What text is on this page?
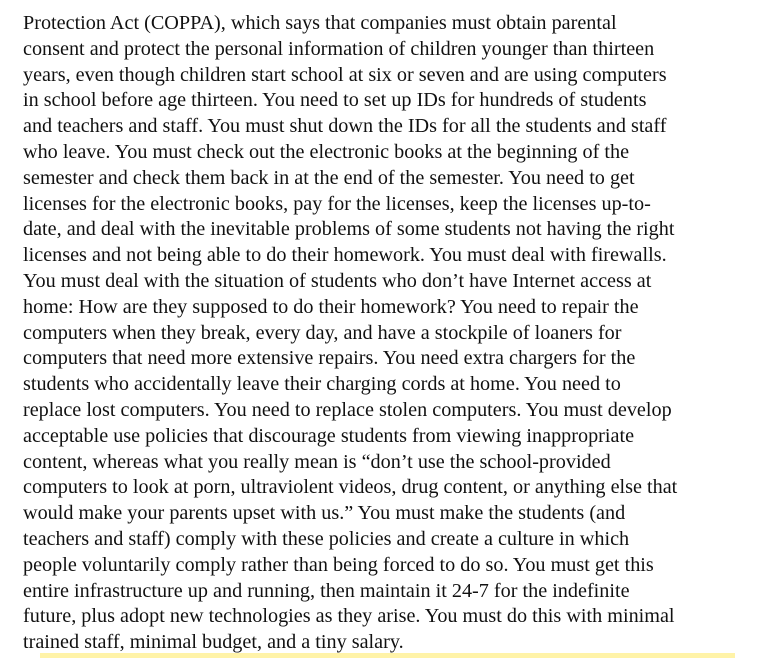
Protection Act (COPPA), which says that companies must obtain parental
consent and protect the personal information of children younger than thirteen
years, even though children start school at six or seven and are using computers
in school before age thirteen. You need to set up IDs for hundreds of students
and teachers and staff. You must shut down the IDs for all the students and staff
who leave. You must check out the electronic books at the beginning of the
semester and check them back in at the end of the semester. You need to get
licenses for the electronic books, pay for the licenses, keep the licenses up-to-
date, and deal with the inevitable problems of some students not having the right
licenses and not being able to do their homework. You must deal with firewalls.
You must deal with the situation of students who don’t have Internet access at
home: How are they supposed to do their homework? You need to repair the
computers when they break, every day, and have a stockpile of loaners for
computers that need more extensive repairs. You need extra chargers for the
students who accidentally leave their charging cords at home. You need to
replace lost computers. You need to replace stolen computers. You must develop
acceptable use policies that discourage students from viewing inappropriate
content, whereas what you really mean is “don’t use the school-provided
computers to look at porn, ultraviolent videos, drug content, or anything else that
would make your parents upset with us.” You must make the students (and
teachers and staff) comply with these policies and create a culture in which
people voluntarily comply rather than being forced to do so. You must get this
entire infrastructure up and running, then maintain it 24-7 for the indefinite
future, plus adopt new technologies as they arise. You must do this with minimal
trained staff, minimal budget, and a tiny salary.
